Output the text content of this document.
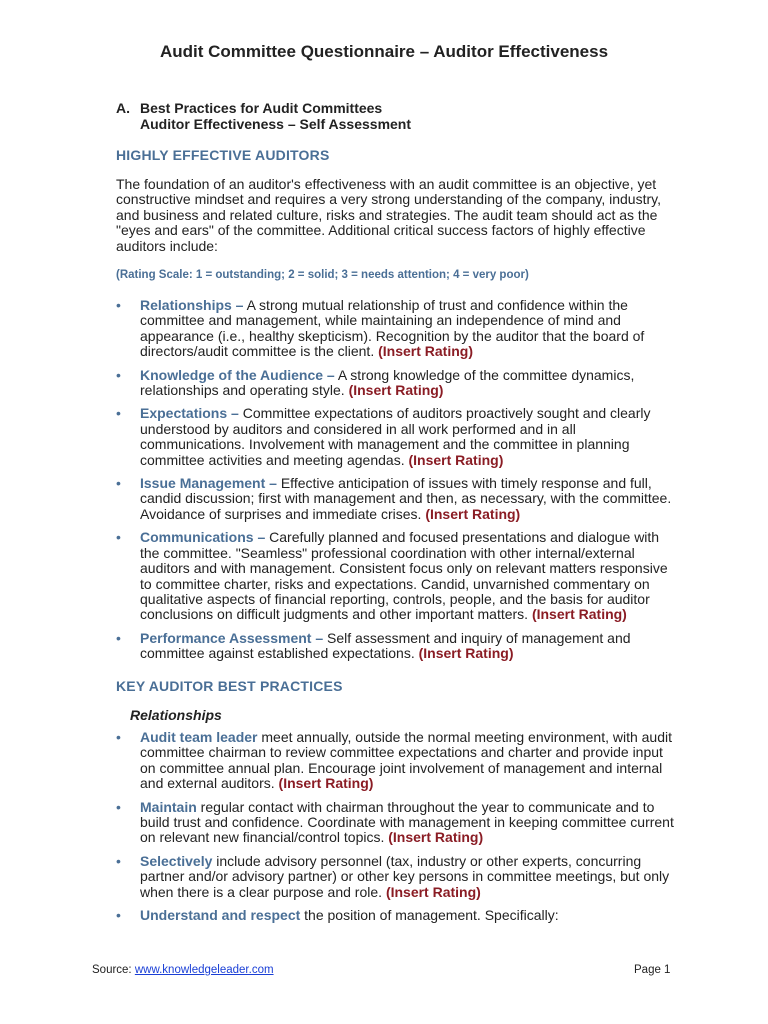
Audit Committee Questionnaire – Auditor Effectiveness
A. Best Practices for Audit Committees
Auditor Effectiveness – Self Assessment
HIGHLY EFFECTIVE AUDITORS
The foundation of an auditor's effectiveness with an audit committee is an objective, yet constructive mindset and requires a very strong understanding of the company, industry, and business and related culture, risks and strategies. The audit team should act as the "eyes and ears" of the committee. Additional critical success factors of highly effective auditors include:
(Rating Scale: 1 = outstanding; 2 = solid; 3 = needs attention; 4 = very poor)
• Relationships – A strong mutual relationship of trust and confidence within the committee and management, while maintaining an independence of mind and appearance (i.e., healthy skepticism). Recognition by the auditor that the board of directors/audit committee is the client. (Insert Rating)
• Knowledge of the Audience – A strong knowledge of the committee dynamics, relationships and operating style. (Insert Rating)
• Expectations – Committee expectations of auditors proactively sought and clearly understood by auditors and considered in all work performed and in all communications. Involvement with management and the committee in planning committee activities and meeting agendas. (Insert Rating)
• Issue Management – Effective anticipation of issues with timely response and full, candid discussion; first with management and then, as necessary, with the committee. Avoidance of surprises and immediate crises. (Insert Rating)
• Communications – Carefully planned and focused presentations and dialogue with the committee. "Seamless" professional coordination with other internal/external auditors and with management. Consistent focus only on relevant matters responsive to committee charter, risks and expectations. Candid, unvarnished commentary on qualitative aspects of financial reporting, controls, people, and the basis for auditor conclusions on difficult judgments and other important matters. (Insert Rating)
• Performance Assessment – Self assessment and inquiry of management and committee against established expectations. (Insert Rating)
KEY AUDITOR BEST PRACTICES
Relationships
• Audit team leader meet annually, outside the normal meeting environment, with audit committee chairman to review committee expectations and charter and provide input on committee annual plan. Encourage joint involvement of management and internal and external auditors. (Insert Rating)
• Maintain regular contact with chairman throughout the year to communicate and to build trust and confidence. Coordinate with management in keeping committee current on relevant new financial/control topics. (Insert Rating)
• Selectively include advisory personnel (tax, industry or other experts, concurring partner and/or advisory partner) or other key persons in committee meetings, but only when there is a clear purpose and role. (Insert Rating)
• Understand and respect the position of management. Specifically:
Source: www.knowledgeleader.com	Page 1
